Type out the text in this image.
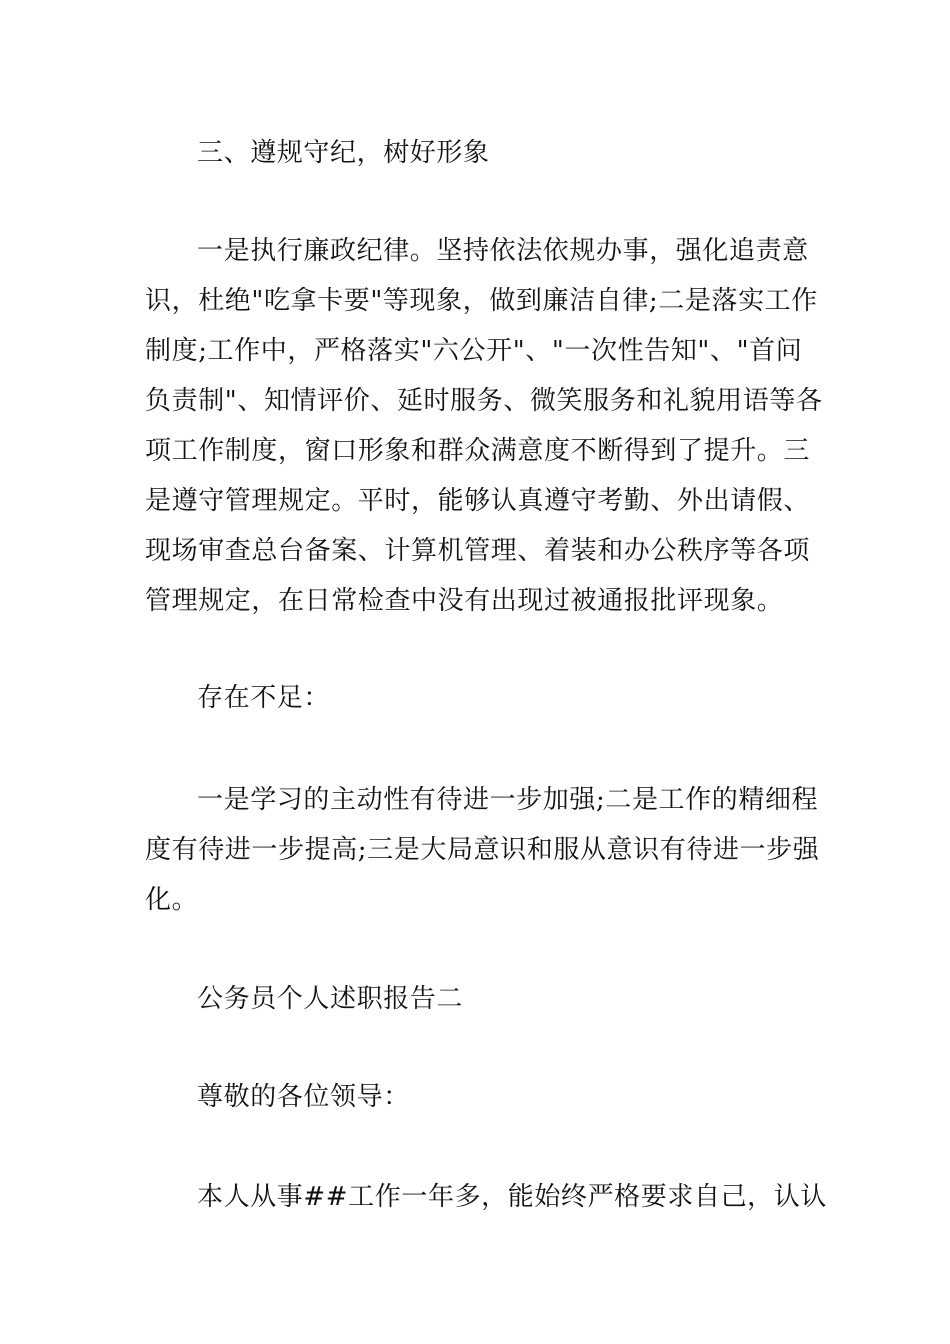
三、遵规守纪，树好形象

一是执行廉政纪律。坚持依法依规办事，强化追责意
识，杜绝"吃拿卡要"等现象，做到廉洁自律;二是落实工作
制度;工作中，严格落实"六公开"、"一次性告知"、"首问
负责制"、知情评价、延时服务、微笑服务和礼貌用语等各
项工作制度，窗口形象和群众满意度不断得到了提升。三
是遵守管理规定。平时，能够认真遵守考勤、外出请假、
现场审查总台备案、计算机管理、着装和办公秩序等各项
管理规定，在日常检查中没有出现过被通报批评现象。

存在不足：

一是学习的主动性有待进一步加强;二是工作的精细程
度有待进一步提高;三是大局意识和服从意识有待进一步强
化。

公务员个人述职报告二

尊敬的各位领导：

本人从事##工作一年多，能始终严格要求自己，认认
